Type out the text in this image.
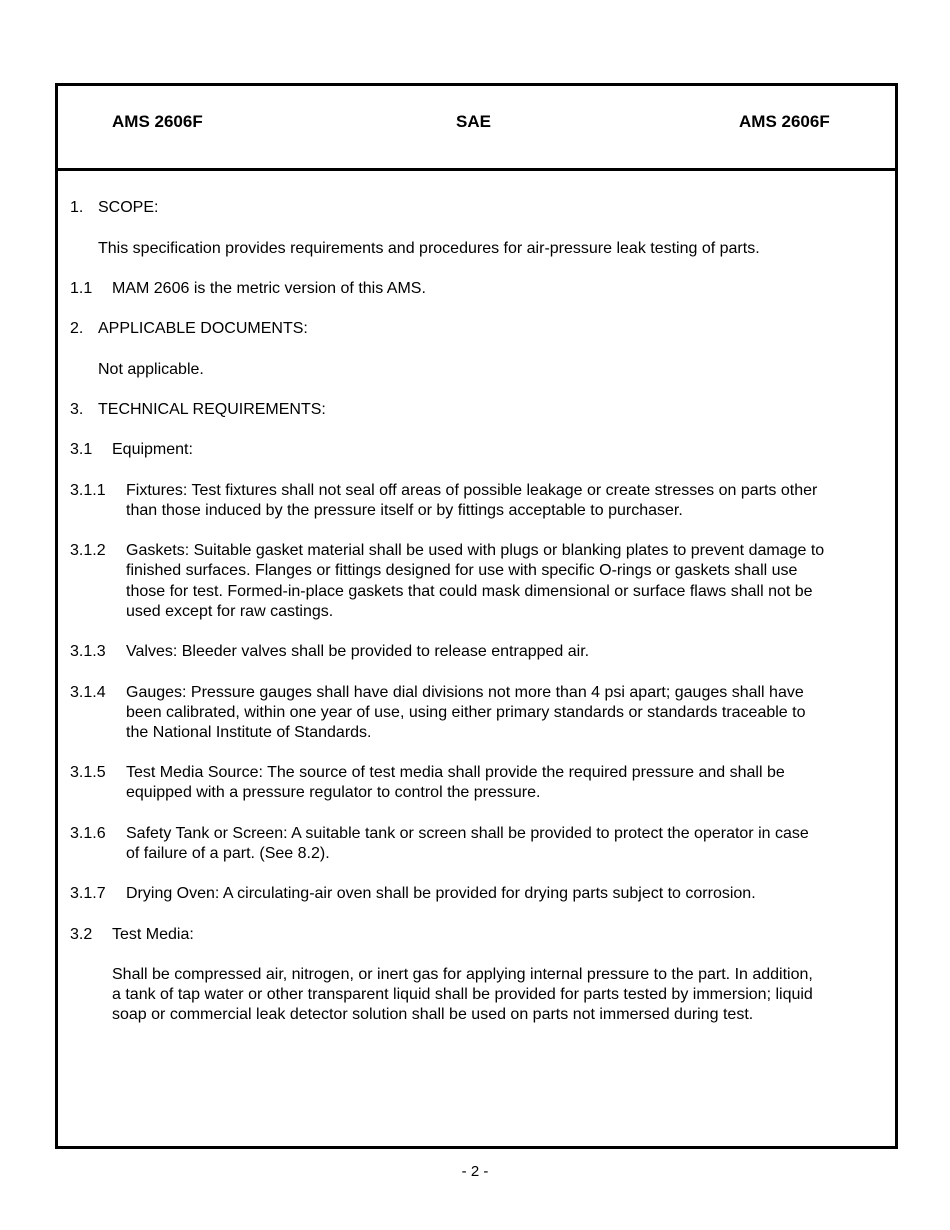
AMS 2606F	SAE	AMS 2606F
1. SCOPE:
This specification provides requirements and procedures for air-pressure leak testing of parts.
1.1 MAM 2606 is the metric version of this AMS.
2. APPLICABLE DOCUMENTS:
Not applicable.
3. TECHNICAL REQUIREMENTS:
3.1 Equipment:
3.1.1 Fixtures: Test fixtures shall not seal off areas of possible leakage or create stresses on parts other
than those induced by the pressure itself or by fittings acceptable to purchaser.
3.1.2 Gaskets: Suitable gasket material shall be used with plugs or blanking plates to prevent damage to
finished surfaces. Flanges or fittings designed for use with specific O-rings or gaskets shall use
those for test. Formed-in-place gaskets that could mask dimensional or surface flaws shall not be
used except for raw castings.
3.1.3 Valves: Bleeder valves shall be provided to release entrapped air.
3.1.4 Gauges: Pressure gauges shall have dial divisions not more than 4 psi apart; gauges shall have
been calibrated, within one year of use, using either primary standards or standards traceable to
the National Institute of Standards.
3.1.5 Test Media Source: The source of test media shall provide the required pressure and shall be
equipped with a pressure regulator to control the pressure.
3.1.6 Safety Tank or Screen: A suitable tank or screen shall be provided to protect the operator in case
of failure of a part. (See 8.2).
3.1.7 Drying Oven: A circulating-air oven shall be provided for drying parts subject to corrosion.
3.2 Test Media:
Shall be compressed air, nitrogen, or inert gas for applying internal pressure to the part. In addition,
a tank of tap water or other transparent liquid shall be provided for parts tested by immersion; liquid
soap or commercial leak detector solution shall be used on parts not immersed during test.
- 2 -
